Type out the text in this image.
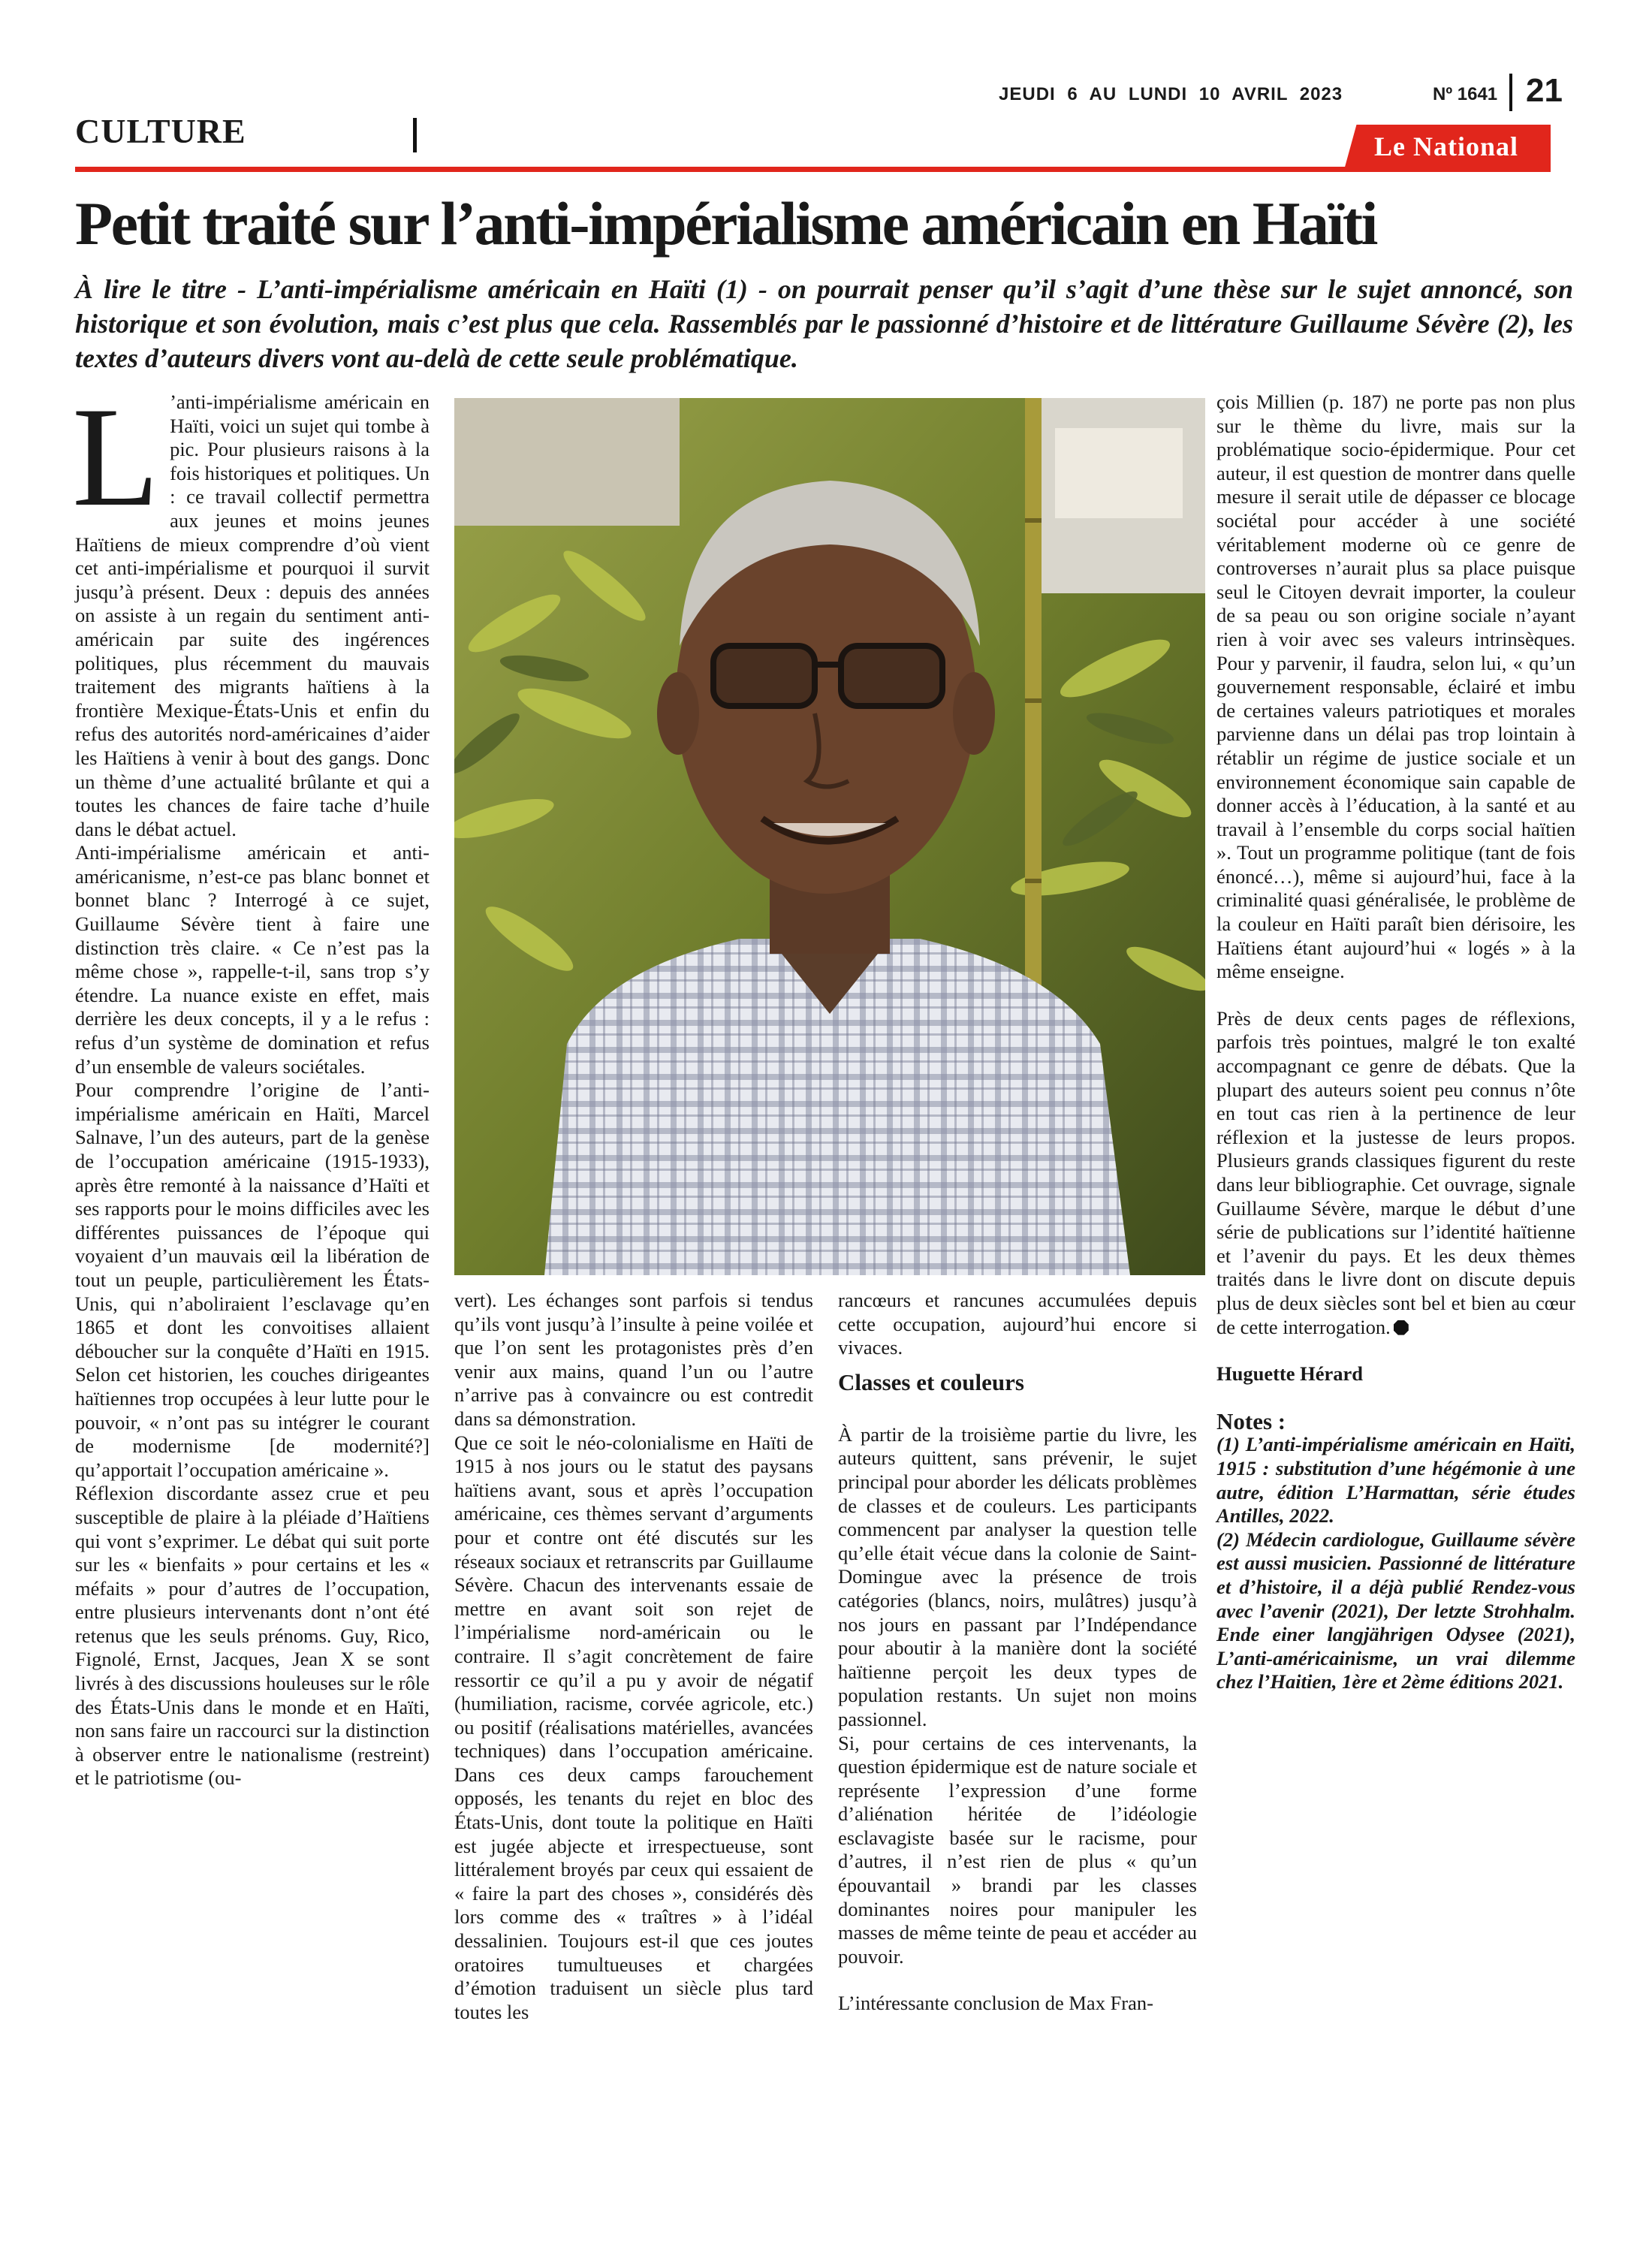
JEUDI 6 AU LUNDI 10 AVRIL 2023	Nº 1641 21
CULTURE	Le National
Petit traité sur l’anti-impérialisme américain en Haïti
À lire le titre - L’anti-impérialisme américain en Haïti (1) - on pourrait penser qu’il s’agit d’une thèse sur le sujet annoncé, son historique et son évolution, mais c’est plus que cela. Rassemblés par le passionné d’histoire et de littérature Guillaume Sévère (2), les textes d’auteurs divers vont au-delà de cette seule problématique.
L ’anti-impérialisme américain en Haïti, voici un sujet qui tombe à pic. Pour plusieurs raisons à la fois historiques et politiques. Un : ce travail collectif permettra aux jeunes et moins jeunes Haïtiens de mieux comprendre d’où vient cet anti-impérialisme et pourquoi il survit jusqu’à présent. Deux : depuis des années on assiste à un regain du sentiment anti-américain par suite des ingérences politiques, plus récemment du mauvais traitement des migrants haïtiens à la frontière Mexique-États-Unis et enfin du refus des autorités nord-américaines d’aider les Haïtiens à venir à bout des gangs. Donc un thème d’une actualité brûlante et qui a toutes les chances de faire tache d’huile dans le débat actuel.

Anti-impérialisme américain et anti-américanisme, n’est-ce pas blanc bonnet et bonnet blanc ? Interrogé à ce sujet, Guillaume Sévère tient à faire une distinction très claire. « Ce n’est pas la même chose », rappelle-t-il, sans trop s’y étendre. La nuance existe en effet, mais derrière les deux concepts, il y a le refus : refus d’un système de domination et refus d’un ensemble de valeurs sociétales.

Pour comprendre l’origine de l’anti-impérialisme américain en Haïti, Marcel Salnave, l’un des auteurs, part de la genèse de l’occupation américaine (1915-1933), après être remonté à la naissance d’Haïti et ses rapports pour le moins difficiles avec les différentes puissances de l’époque qui voyaient d’un mauvais œil la libération de tout un peuple, particulièrement les États-Unis, qui n’aboliraient l’esclavage qu’en 1865 et dont les convoitises allaient déboucher sur la conquête d’Haïti en 1915. Selon cet historien, les couches dirigeantes haïtiennes trop occupées à leur lutte pour le pouvoir, « n’ont pas su intégrer le courant de modernisme [de modernité?] qu’apportait l’occupation américaine ».

Réflexion discordante assez crue et peu susceptible de plaire à la pléiade d’Haïtiens qui vont s’exprimer. Le débat qui suit porte sur les « bienfaits » pour certains et les « méfaits » pour d’autres de l’occupation, entre plusieurs intervenants dont n’ont été retenus que les seuls prénoms. Guy, Rico, Fignolé, Ernst, Jacques, Jean X se sont livrés à des discussions houleuses sur le rôle des États-Unis dans le monde et en Haïti, non sans faire un raccourci sur la distinction à observer entre le nationalisme (restreint) et le patriotisme (ou-

vert). Les échanges sont parfois si tendus qu’ils vont jusqu’à l’insulte à peine voilée et que l’on sent les protagonistes près d’en venir aux mains, quand l’un ou l’autre n’arrive pas à convaincre ou est contredit dans sa démonstration.

Que ce soit le néo-colonialisme en Haïti de 1915 à nos jours ou le statut des paysans haïtiens avant, sous et après l’occupation américaine, ces thèmes servant d’arguments pour et contre ont été discutés sur les réseaux sociaux et retranscrits par Guillaume Sévère. Chacun des intervenants essaie de mettre en avant soit son rejet de l’impérialisme nord-américain ou le contraire. Il s’agit concrètement de faire ressortir ce qu’il a pu y avoir de négatif (humiliation, racisme, corvée agricole, etc.) ou positif (réalisations matérielles, avancées techniques) dans l’occupation américaine. Dans ces deux camps farouchement opposés, les tenants du rejet en bloc des États-Unis, dont toute la politique en Haïti est jugée abjecte et irrespectueuse, sont littéralement broyés par ceux qui essaient de « faire la part des choses », considérés dès lors comme des « traîtres » à l’idéal dessalinien. Toujours est-il que ces joutes oratoires tumultueuses et chargées d’émotion traduisent un siècle plus tard toutes les

rancœurs et rancunes accumulées depuis cette occupation, aujourd’hui encore si vivaces.

Classes et couleurs

À partir de la troisième partie du livre, les auteurs quittent, sans prévenir, le sujet principal pour aborder les délicats problèmes de classes et de couleurs. Les participants commencent par analyser la question telle qu’elle était vécue dans la colonie de Saint-Domingue avec la présence de trois catégories (blancs, noirs, mulâtres) jusqu’à nos jours en passant par l’Indépendance pour aboutir à la manière dont la société haïtienne perçoit les deux types de population restants. Un sujet non moins passionnel.

Si, pour certains de ces intervenants, la question épidermique est de nature sociale et représente l’expression d’une forme d’aliénation héritée de l’idéologie esclavagiste basée sur le racisme, pour d’autres, il n’est rien de plus « qu’un épouvantail » brandi par les classes dominantes noires pour manipuler les masses de même teinte de peau et accéder au pouvoir.

L’intéressante conclusion de Max Fran-

çois Millien (p. 187) ne porte pas non plus sur le thème du livre, mais sur la problématique socio-épidermique. Pour cet auteur, il est question de montrer dans quelle mesure il serait utile de dépasser ce blocage sociétal pour accéder à une société véritablement moderne où ce genre de controverses n’aurait plus sa place puisque seul le Citoyen devrait importer, la couleur de sa peau ou son origine sociale n’ayant rien à voir avec ses valeurs intrinsèques. Pour y parvenir, il faudra, selon lui, « qu’un gouvernement responsable, éclairé et imbu de certaines valeurs patriotiques et morales parvienne dans un délai pas trop lointain à rétablir un régime de justice sociale et un environnement économique sain capable de donner accès à l’éducation, à la santé et au travail à l’ensemble du corps social haïtien ». Tout un programme politique (tant de fois énoncé…), même si aujourd’hui, face à la criminalité quasi généralisée, le problème de la couleur en Haïti paraît bien dérisoire, les Haïtiens étant aujourd’hui « logés » à la même enseigne.

Près de deux cents pages de réflexions, parfois très pointues, malgré le ton exalté accompagnant ce genre de débats. Que la plupart des auteurs soient peu connus n’ôte en tout cas rien à la pertinence de leur réflexion et la justesse de leurs propos. Plusieurs grands classiques figurent du reste dans leur bibliographie. Cet ouvrage, signale Guillaume Sévère, marque le début d’une série de publications sur l’identité haïtienne et l’avenir du pays. Et les deux thèmes traités dans le livre dont on discute depuis plus de deux siècles sont bel et bien au cœur de cette interrogation.

Huguette Hérard

Notes :

(1) L’anti-impérialisme américain en Haïti, 1915 : substitution d’une hégémonie à une autre, édition L’Harmattan, série études Antilles, 2022.

(2) Médecin cardiologue, Guillaume sévère est aussi musicien. Passionné de littérature et d’histoire, il a déjà publié Rendez-vous avec l’avenir (2021), Der letzte Strohhalm. Ende einer langjährigen Odysee (2021), L’anti-américainisme, un vrai dilemme chez l’Haitien, 1ère et 2ème éditions 2021.
